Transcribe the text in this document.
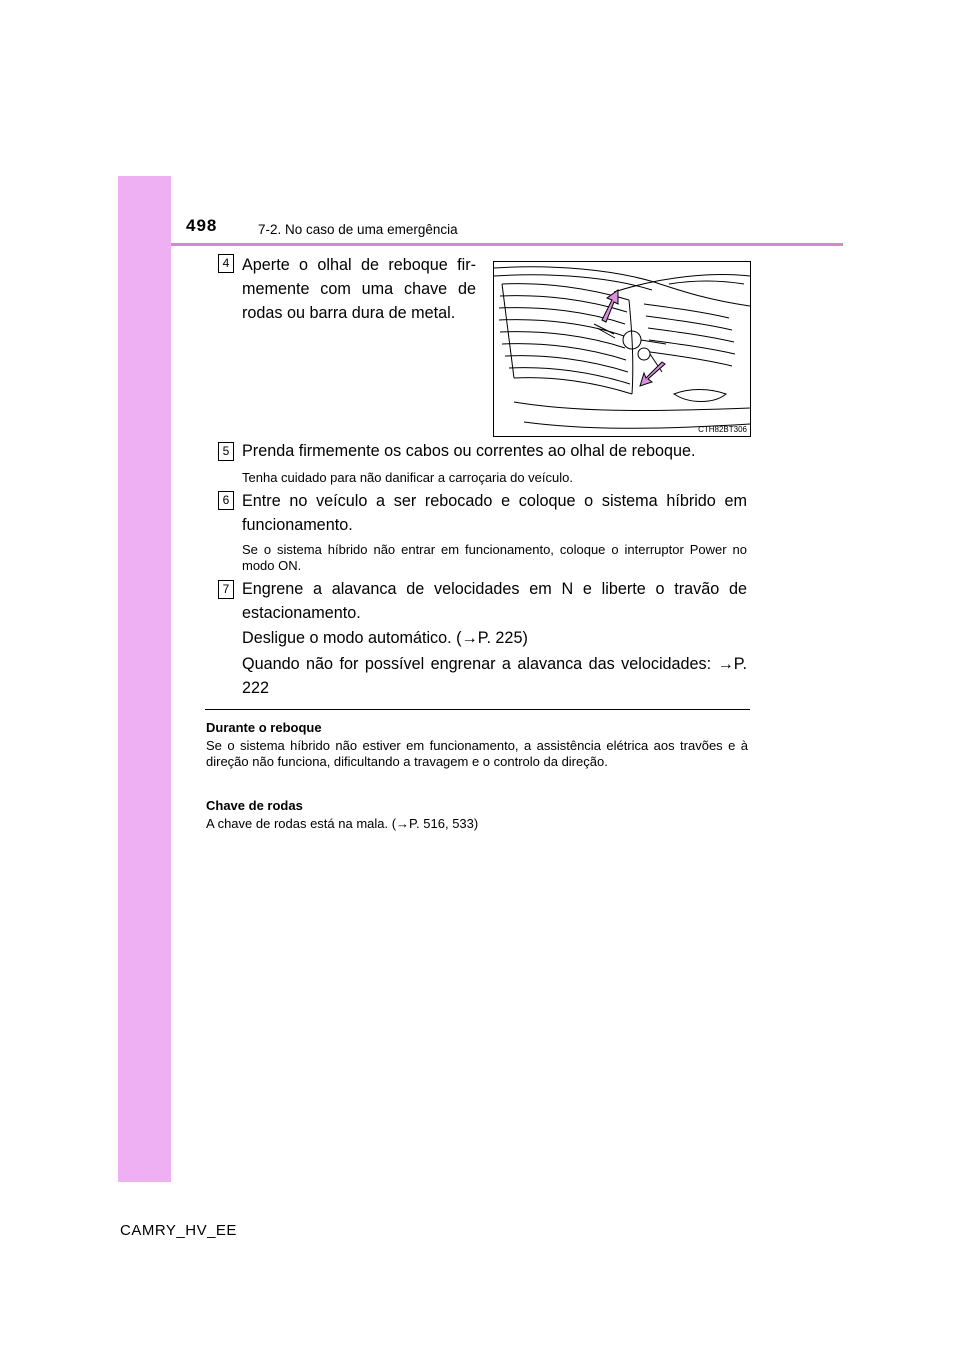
498	7-2. No caso de uma emergência
4 Aperte o olhal de reboque fir-memente com uma chave de rodas ou barra dura de metal.
CTH82BT306
5 Prenda firmemente os cabos ou correntes ao olhal de reboque.
Tenha cuidado para não danificar a carroçaria do veículo.
6 Entre no veículo a ser rebocado e coloque o sistema híbrido em funcionamento.
Se o sistema híbrido não entrar em funcionamento, coloque o interruptor Power no modo ON.
7 Engrene a alavanca de velocidades em N e liberte o travão de estacionamento.
Desligue o modo automático. (→P. 225)
Quando não for possível engrenar a alavanca das velocidades: →P. 222
Durante o reboque
Se o sistema híbrido não estiver em funcionamento, a assistência elétrica aos travões e à direção não funciona, dificultando a travagem e o controlo da direção.
Chave de rodas
A chave de rodas está na mala. (→P. 516, 533)
CAMRY_HV_EE
